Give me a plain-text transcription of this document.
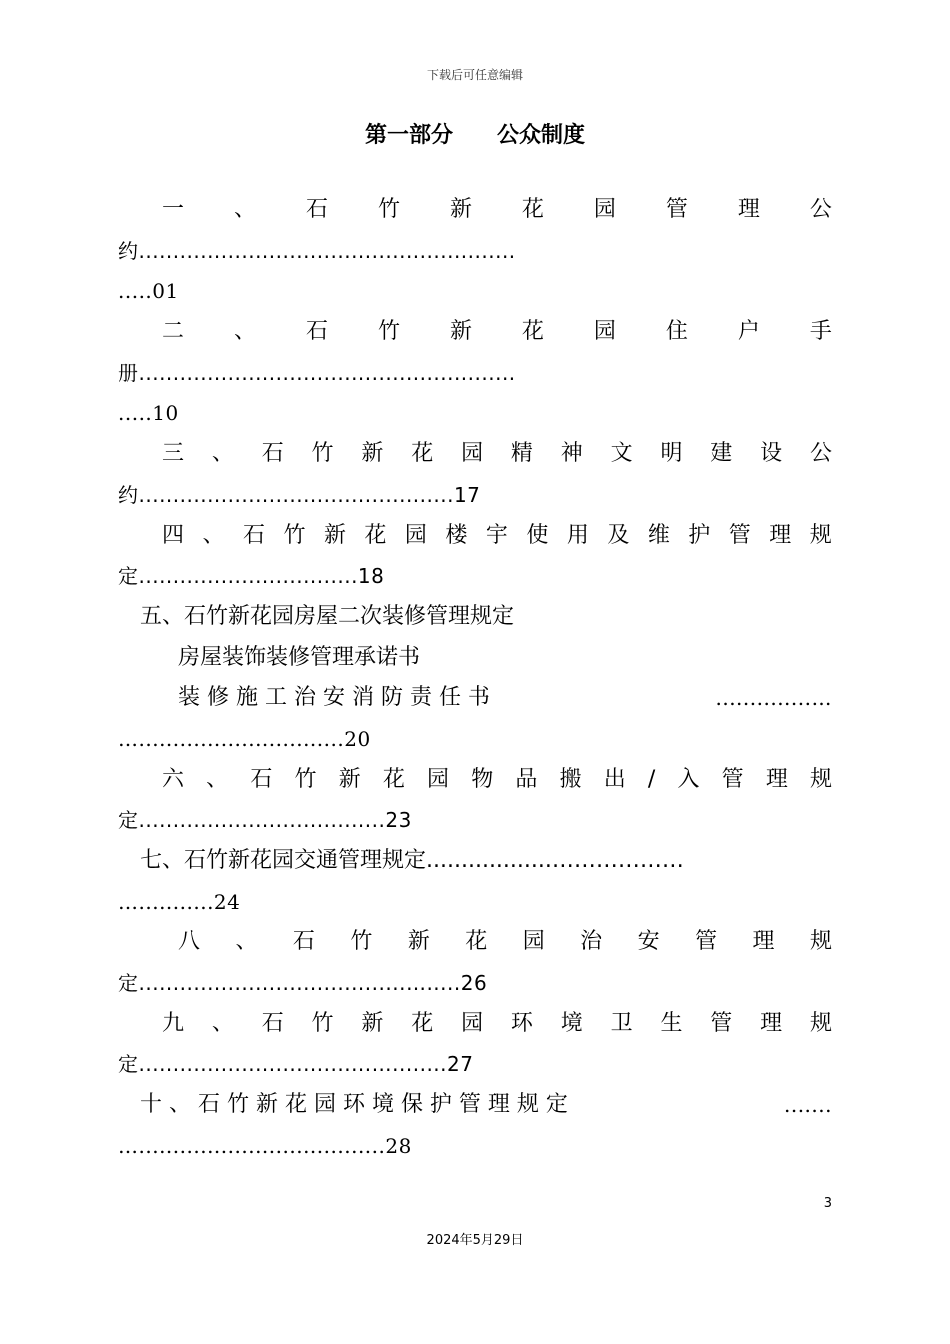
下载后可任意编辑
第一部分　　公众制度
一 、 石 竹 新 花 园 管 理 公
约.......................................................
.....01
二 、 石 竹 新 花 园 住 户 手
册.......................................................
.....10
三 、 石 竹 新 花 园 精 神 文 明 建 设 公
约..............................................17
四 、 石 竹 新 花 园 楼 宇 使 用 及 维 护 管 理 规
定................................18
五、石竹新花园房屋二次装修管理规定
房屋装饰装修管理承诺书
装 修 施 工 治 安 消 防 责 任 书	..............…
…..............................20
六 、 石 竹 新 花 园 物 品 搬 出 / 入 管 理 规
定....................................23
七、石竹新花园交通管理规定..................………………
…...........24
八 、 石 竹 新 花 园 治 安 管 理 规
定.......................................….....26
九 、 石 竹 新 花 园 环 境 卫 生 管 理 规
定..................................…........27
十 、 石 竹 新 花 园 环 境 保 护 管 理 规 定	.......
…....................................28
3
2024年5月29日
